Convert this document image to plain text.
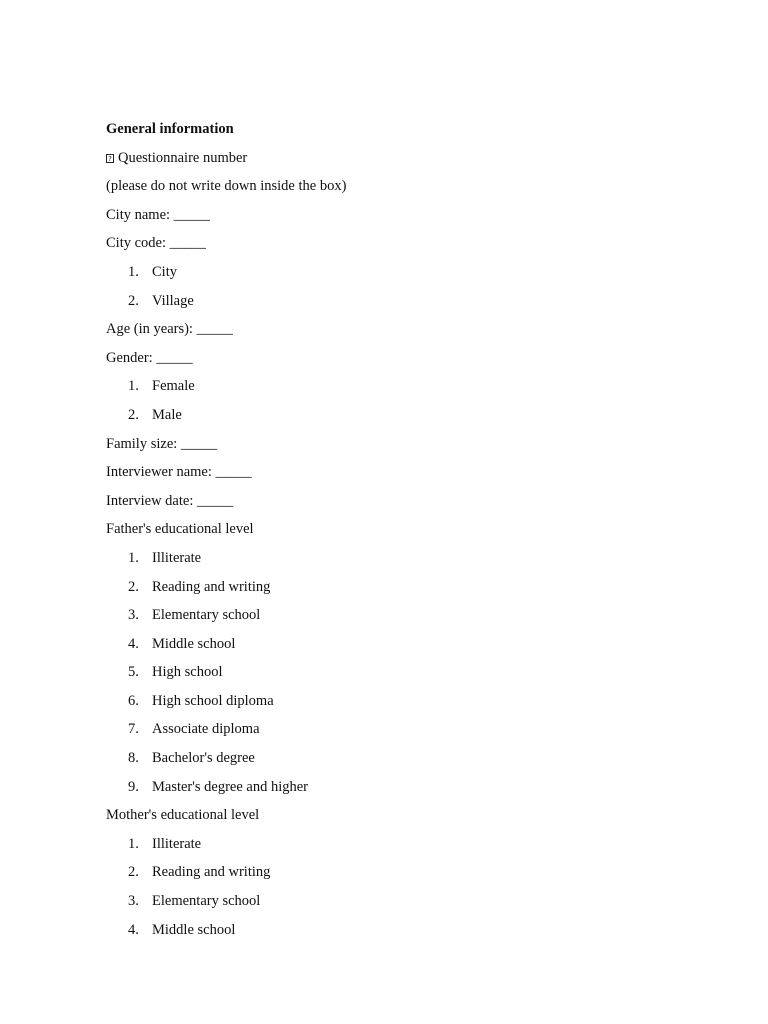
General information
?Questionnaire number
(please do not write down inside the box)
City name: _____
City code: _____
1. City
2. Village
Age (in years): _____
Gender: _____
1. Female
2. Male
Family size: _____
Interviewer name: _____
Interview date: _____
Father's educational level
1. Illiterate
2. Reading and writing
3. Elementary school
4. Middle school
5. High school
6. High school diploma
7. Associate diploma
8. Bachelor's degree
9. Master's degree and higher
Mother's educational level
1. Illiterate
2. Reading and writing
3. Elementary school
4. Middle school
